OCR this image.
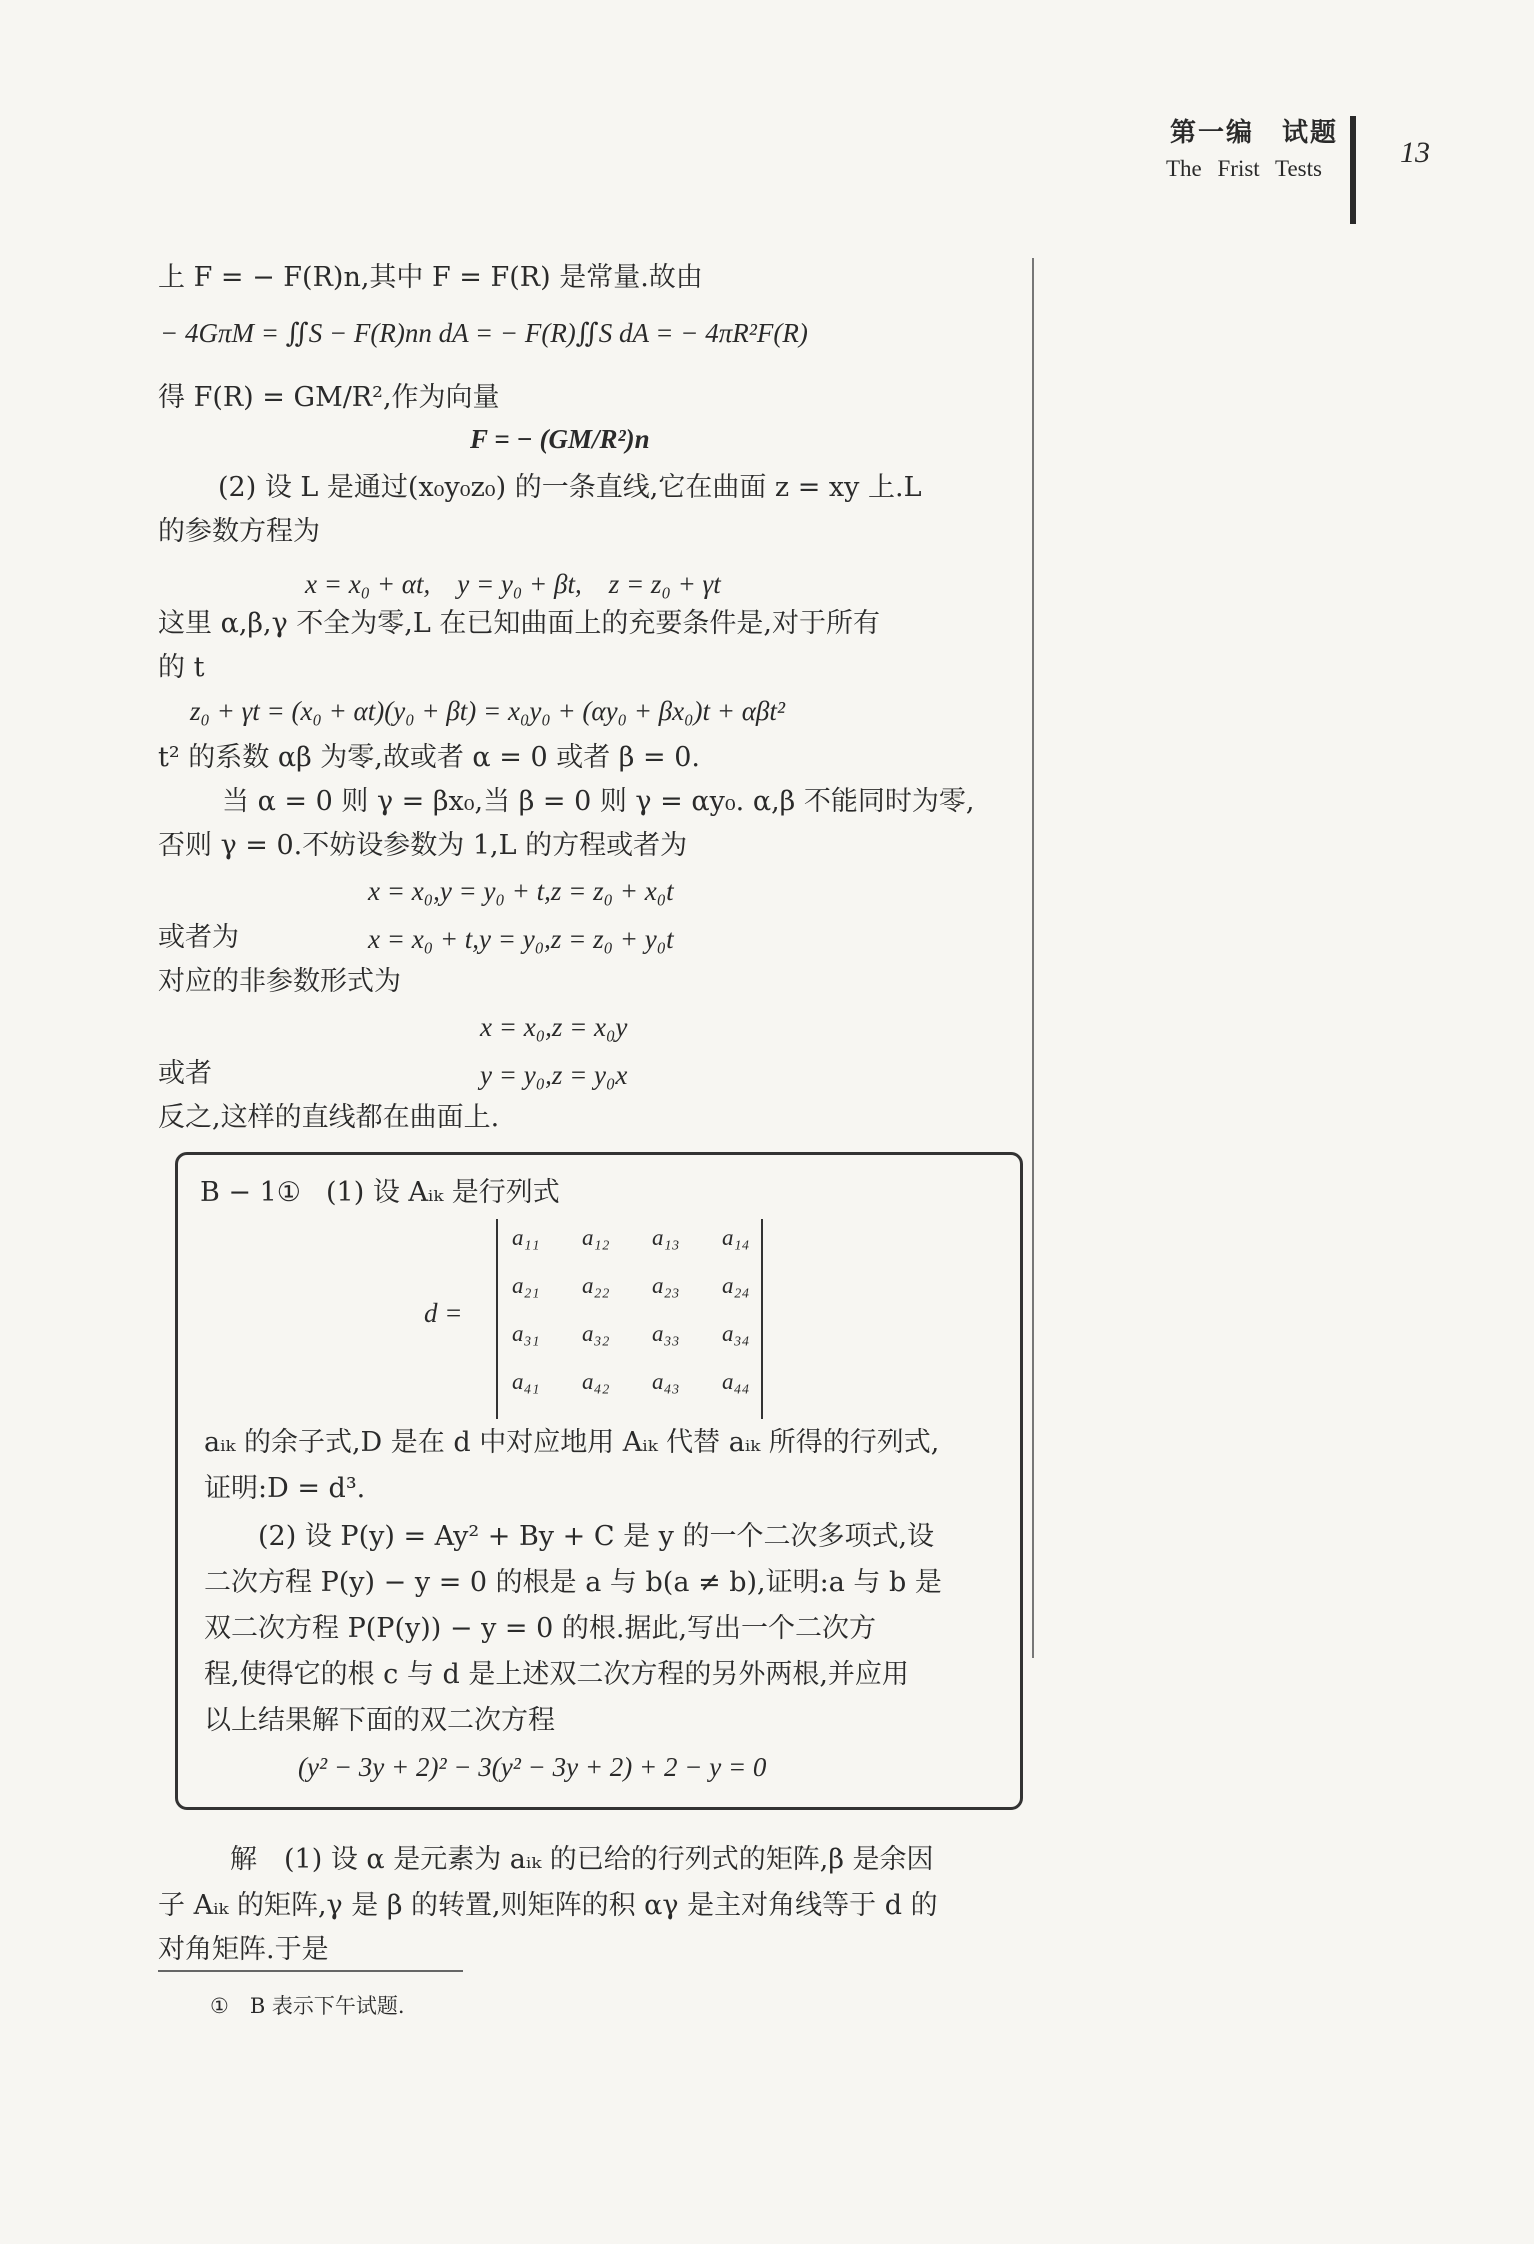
第一编　试题
The Frist Tests	13
上 F = − F(R)n,其中 F = F(R) 是常量.故由
− 4GπM = ∬S − F(R)nn dA = − F(R)∬S dA = − 4πR²F(R)
得 F(R) = GM/R²,作为向量
F = − (GM/R²)n
(2) 设 L 是通过(x₀y₀z₀) 的一条直线,它在曲面 z = xy 上.L
的参数方程为
x = x₀ + αt,　y = y₀ + βt,　z = z₀ + γt
这里 α,β,γ 不全为零,L 在已知曲面上的充要条件是,对于所有
的 t
z₀ + γt = (x₀ + αt)(y₀ + βt) = x₀y₀ + (αy₀ + βx₀)t + αβt²
t² 的系数 αβ 为零,故或者 α = 0 或者 β = 0.
当 α = 0 则 γ = βx₀,当 β = 0 则 γ = αy₀. α,β 不能同时为零,
否则 γ = 0.不妨设参数为 1,L 的方程或者为
x = x₀,y = y₀ + t,z = z₀ + x₀t
或者为	x = x₀ + t,y = y₀,z = z₀ + y₀t
对应的非参数形式为
x = x₀,z = x₀y
或者	y = y₀,z = y₀x
反之,这样的直线都在曲面上.
B − 1① (1) 设 Aᵢₖ 是行列式
d =
a₁₁ a₁₂ a₁₃ a₁₄
a₂₁ a₂₂ a₂₃ a₂₄
a₃₁ a₃₂ a₃₃ a₃₄
a₄₁ a₄₂ a₄₃ a₄₄
aᵢₖ 的余子式,D 是在 d 中对应地用 Aᵢₖ 代替 aᵢₖ 所得的行列式,
证明:D = d³.
(2) 设 P(y) = Ay² + By + C 是 y 的一个二次多项式,设
二次方程 P(y) − y = 0 的根是 a 与 b(a ≠ b),证明:a 与 b 是
双二次方程 P(P(y)) − y = 0 的根.据此,写出一个二次方
程,使得它的根 c 与 d 是上述双二次方程的另外两根,并应用
以上结果解下面的双二次方程
(y² − 3y + 2)² − 3(y² − 3y + 2) + 2 − y = 0
解　(1) 设 α 是元素为 aᵢₖ 的已给的行列式的矩阵,β 是余因
子 Aᵢₖ 的矩阵,γ 是 β 的转置,则矩阵的积 αγ 是主对角线等于 d 的
对角矩阵.于是
①　B 表示下午试题.
